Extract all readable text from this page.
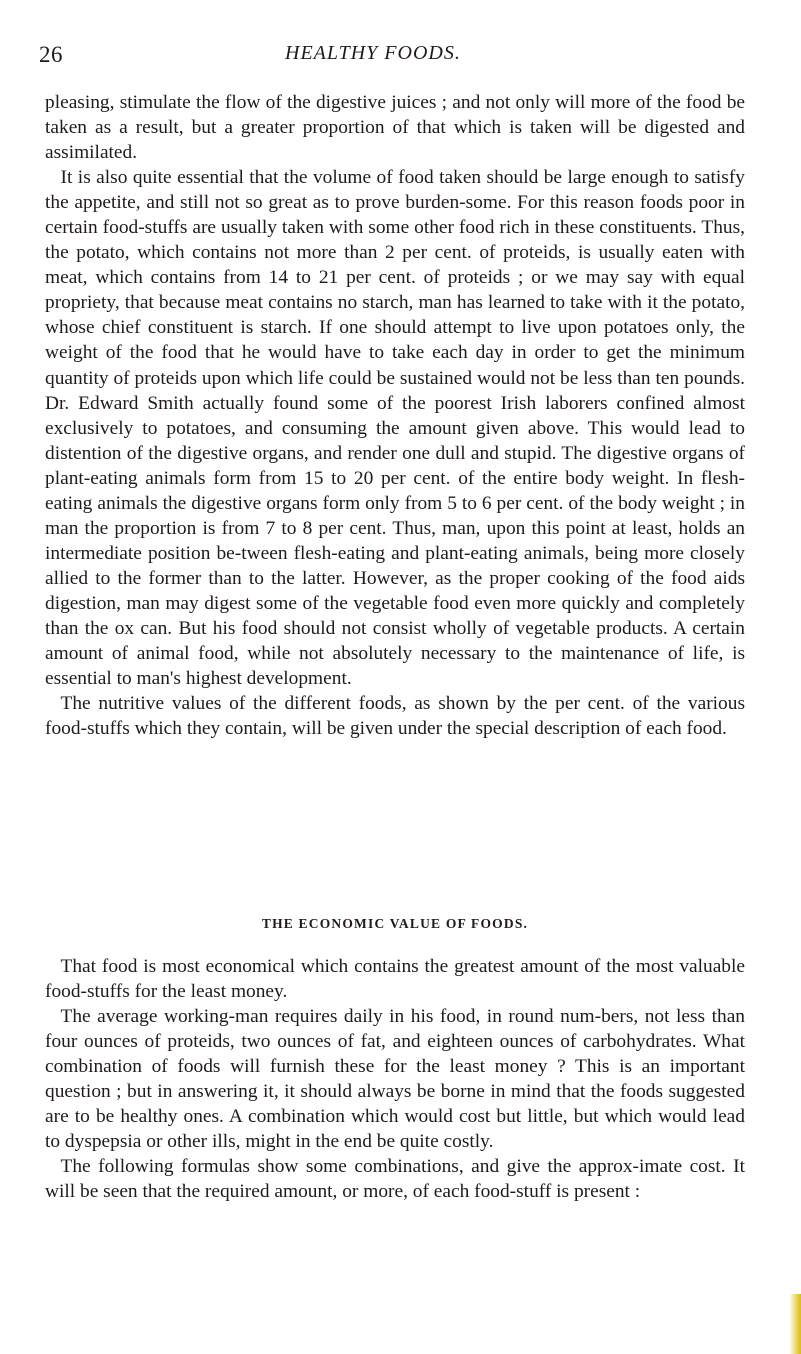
26	HEALTHY FOODS.

pleasing, stimulate the flow of the digestive juices ; and not only will more of the food be taken as a result, but a greater proportion of that which is taken will be digested and assimilated.

It is also quite essential that the volume of food taken should be large enough to satisfy the appetite, and still not so great as to prove burden-some. For this reason foods poor in certain food-stuffs are usually taken with some other food rich in these constituents. Thus, the potato, which contains not more than 2 per cent. of proteids, is usually eaten with meat, which contains from 14 to 21 per cent. of proteids ; or we may say with equal propriety, that because meat contains no starch, man has learned to take with it the potato, whose chief constituent is starch. If one should attempt to live upon potatoes only, the weight of the food that he would have to take each day in order to get the minimum quantity of proteids upon which life could be sustained would not be less than ten pounds. Dr. Edward Smith actually found some of the poorest Irish laborers confined almost exclusively to potatoes, and consuming the amount given above. This would lead to distention of the digestive organs, and render one dull and stupid. The digestive organs of plant-eating animals form from 15 to 20 per cent. of the entire body weight. In flesh-eating animals the digestive organs form only from 5 to 6 per cent. of the body weight ; in man the proportion is from 7 to 8 per cent. Thus, man, upon this point at least, holds an intermediate position be-tween flesh-eating and plant-eating animals, being more closely allied to the former than to the latter. However, as the proper cooking of the food aids digestion, man may digest some of the vegetable food even more quickly and completely than the ox can. But his food should not consist wholly of vegetable products. A certain amount of animal food, while not absolutely necessary to the maintenance of life, is essential to man's highest development.

The nutritive values of the different foods, as shown by the per cent. of the various food-stuffs which they contain, will be given under the special description of each food.

THE ECONOMIC VALUE OF FOODS.

That food is most economical which contains the greatest amount of the most valuable food-stuffs for the least money.

The average working-man requires daily in his food, in round num-bers, not less than four ounces of proteids, two ounces of fat, and eighteen ounces of carbohydrates. What combination of foods will furnish these for the least money ? This is an important question ; but in answering it, it should always be borne in mind that the foods suggested are to be healthy ones. A combination which would cost but little, but which would lead to dyspepsia or other ills, might in the end be quite costly.

The following formulas show some combinations, and give the approx-imate cost. It will be seen that the required amount, or more, of each food-stuff is present :
